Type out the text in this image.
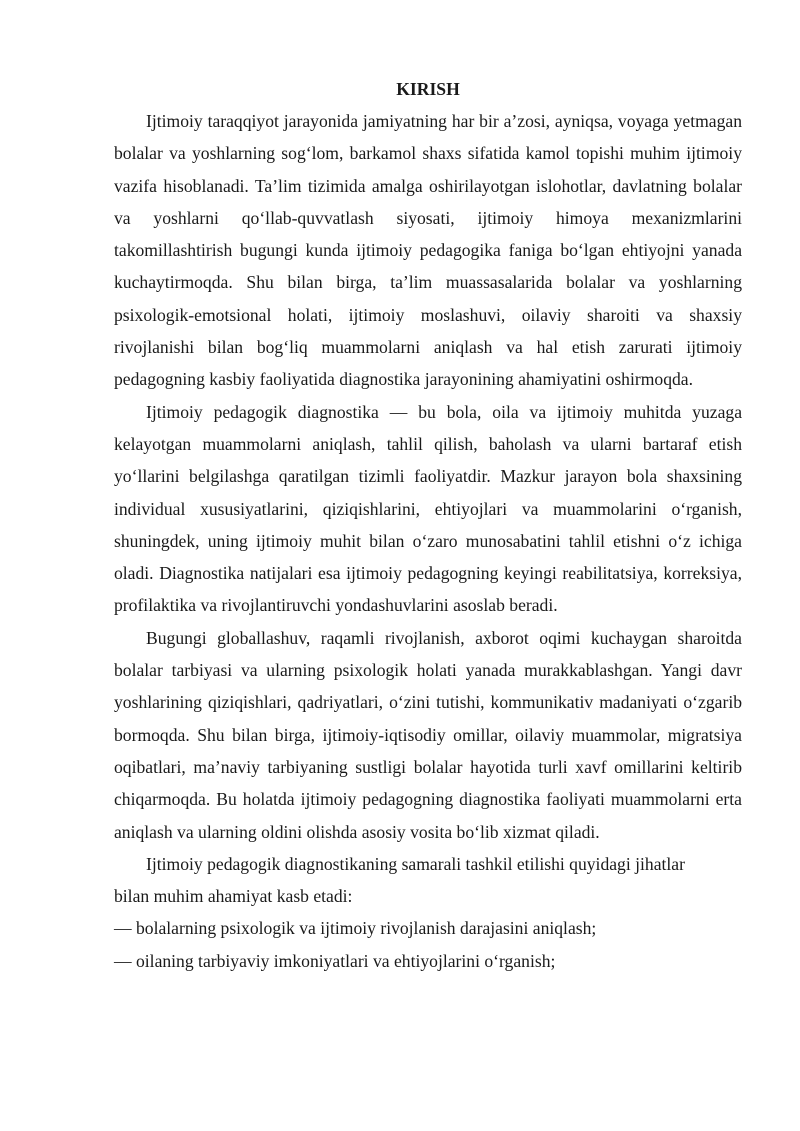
KIRISH

Ijtimoiy taraqqiyot jarayonida jamiyatning har bir a’zosi, ayniqsa, voyaga yetmagan bolalar va yoshlarning sog‘lom, barkamol shaxs sifatida kamol topishi muhim ijtimoiy vazifa hisoblanadi. Ta’lim tizimida amalga oshirilayotgan islohotlar, davlatning bolalar va yoshlarni qo‘llab-quvvatlash siyosati, ijtimoiy himoya mexanizmlarini takomillashtirish bugungi kunda ijtimoiy pedagogika faniga bo‘lgan ehtiyojni yanada kuchaytirmoqda. Shu bilan birga, ta’lim muassasalarida bolalar va yoshlarning psixologik-emotsional holati, ijtimoiy moslashuvi, oilaviy sharoiti va shaxsiy rivojlanishi bilan bog‘liq muammolarni aniqlash va hal etish zarurati ijtimoiy pedagogning kasbiy faoliyatida diagnostika jarayonining ahamiyatini oshirmoqda.

Ijtimoiy pedagogik diagnostika — bu bola, oila va ijtimoiy muhitda yuzaga kelayotgan muammolarni aniqlash, tahlil qilish, baholash va ularni bartaraf etish yo‘llarini belgilashga qaratilgan tizimli faoliyatdir. Mazkur jarayon bola shaxsining individual xususiyatlarini, qiziqishlarini, ehtiyojlari va muammolarini o‘rganish, shuningdek, uning ijtimoiy muhit bilan o‘zaro munosabatini tahlil etishni o‘z ichiga oladi. Diagnostika natijalari esa ijtimoiy pedagogning keyingi reabilitatsiya, korreksiya, profilaktika va rivojlantiruvchi yondashuvlarini asoslab beradi.

Bugungi globallashuv, raqamli rivojlanish, axborot oqimi kuchaygan sharoitda bolalar tarbiyasi va ularning psixologik holati yanada murakkablashgan. Yangi davr yoshlarining qiziqishlari, qadriyatlari, o‘zini tutishi, kommunikativ madaniyati o‘zgarib bormoqda. Shu bilan birga, ijtimoiy-iqtisodiy omillar, oilaviy muammolar, migratsiya oqibatlari, ma’naviy tarbiyaning sustligi bolalar hayotida turli xavf omillarini keltirib chiqarmoqda. Bu holatda ijtimoiy pedagogning diagnostika faoliyati muammolarni erta aniqlash va ularning oldini olishda asosiy vosita bo‘lib xizmat qiladi.

Ijtimoiy pedagogik diagnostikaning samarali tashkil etilishi quyidagi jihatlar

bilan muhim ahamiyat kasb etadi:

— bolalarning psixologik va ijtimoiy rivojlanish darajasini aniqlash;

— oilaning tarbiyaviy imkoniyatlari va ehtiyojlarini o‘rganish;
